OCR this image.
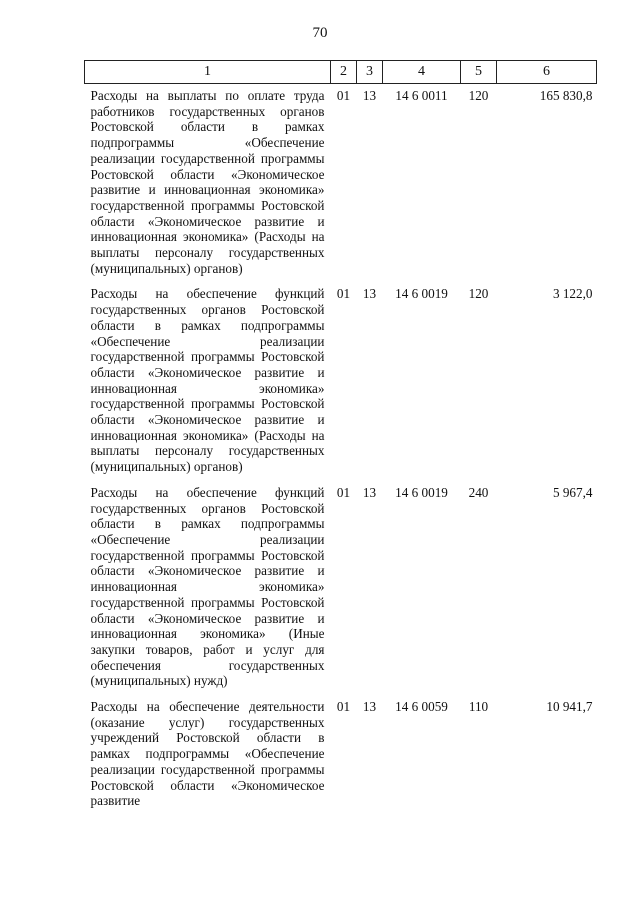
70
1	2	3	4	5	6
Расходы на выплаты по оплате труда работников государственных органов Ростовской области в рамках подпрограммы «Обеспечение реализации государственной программы Ростовской области «Экономическое развитие и инновационная экономика» государственной программы Ростовской области «Экономическое развитие и инновационная экономика» (Расходы на выплаты персоналу государственных (муниципальных) органов)	01	13	14 6 0011	120	165 830,8
Расходы на обеспечение функций государственных органов Ростовской области в рамках подпрограммы «Обеспечение реализации государственной программы Ростовской области «Экономическое развитие и инновационная экономика» государственной программы Ростовской области «Экономическое развитие и инновационная экономика» (Расходы на выплаты персоналу государственных (муниципальных) органов)	01	13	14 6 0019	120	3 122,0
Расходы на обеспечение функций государственных органов Ростовской области в рамках подпрограммы «Обеспечение реализации государственной программы Ростовской области «Экономическое развитие и инновационная экономика» государственной программы Ростовской области «Экономическое развитие и инновационная экономика» (Иные закупки товаров, работ и услуг для обеспечения государственных (муниципальных) нужд)	01	13	14 6 0019	240	5 967,4
Расходы на обеспечение деятельности (оказание услуг) государственных учреждений Ростовской области в рамках подпрограммы «Обеспечение реализации государственной программы Ростовской области «Экономическое развитие	01	13	14 6 0059	110	10 941,7
